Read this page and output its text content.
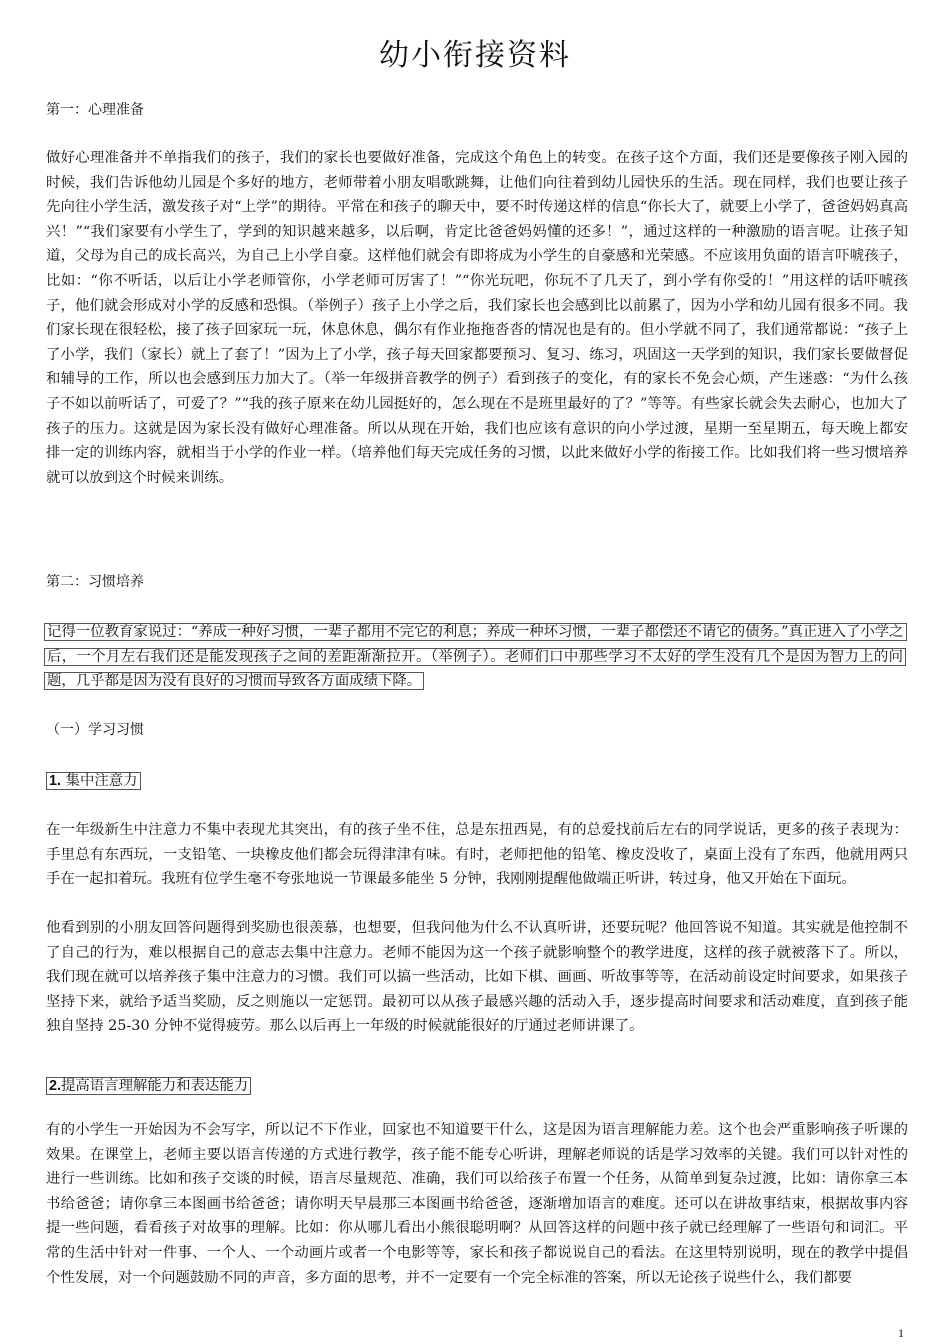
幼小衔接资料
第一：心理准备
做好心理准备并不单指我们的孩子，我们的家长也要做好准备，完成这个角色上的转变。在孩子这个方面，我们还是要像孩子刚入园的时候，我们告诉他幼儿园是个多好的地方，老师带着小朋友唱歌跳舞，让他们向往着到幼儿园快乐的生活。现在同样，我们也要让孩子先向往小学生活，激发孩子对“上学”的期待。平常在和孩子的聊天中，要不时传递这样的信息“你长大了，就要上小学了，爸爸妈妈真高兴！”“我们家要有小学生了，学到的知识越来越多，以后啊，肯定比爸爸妈妈懂的还多！”，通过这样的一种激励的语言呢。让孩子知道，父母为自己的成长高兴，为自己上小学自豪。这样他们就会有即将成为小学生的自豪感和光荣感。不应该用负面的语言吓唬孩子，比如：“你不听话，以后让小学老师管你，小学老师可厉害了！”“你光玩吧，你玩不了几天了，到小学有你受的！”用这样的话吓唬孩子，他们就会形成对小学的反感和恐惧。（举例子）孩子上小学之后，我们家长也会感到比以前累了，因为小学和幼儿园有很多不同。我们家长现在很轻松，接了孩子回家玩一玩，休息休息，偶尔有作业拖拖沓沓的情况也是有的。但小学就不同了，我们通常都说：“孩子上了小学，我们（家长）就上了套了！”因为上了小学，孩子每天回家都要预习、复习、练习，巩固这一天学到的知识，我们家长要做督促和辅导的工作，所以也会感到压力加大了。（举一年级拼音教学的例子）看到孩子的变化，有的家长不免会心烦，产生迷惑：“为什么孩子不如以前听话了，可爱了？”“我的孩子原来在幼儿园挺好的，怎么现在不是班里最好的了？”等等。有些家长就会失去耐心，也加大了孩子的压力。这就是因为家长没有做好心理准备。所以从现在开始，我们也应该有意识的向小学过渡，星期一至星期五，每天晚上都安排一定的训练内容，就相当于小学的作业一样。（培养他们每天完成任务的习惯，以此来做好小学的衔接工作。比如我们将一些习惯培养就可以放到这个时候来训练。
第二：习惯培养
记得一位教育家说过：“养成一种好习惯，一辈子都用不完它的利息；养成一种坏习惯，一辈子都偿还不请它的债务。”真正进入了小学之后，一个月左右我们还是能发现孩子之间的差距渐渐拉开。（举例子）。老师们口中那些学习不太好的学生没有几个是因为智力上的问题，几乎都是因为没有良好的习惯而导致各方面成绩下降。
（一）学习习惯
1. 集中注意力
在一年级新生中注意力不集中表现尤其突出，有的孩子坐不住，总是东扭西晃，有的总爱找前后左右的同学说话，更多的孩子表现为：手里总有东西玩，一支铅笔、一块橡皮他们都会玩得津津有味。有时，老师把他的铅笔、橡皮没收了，桌面上没有了东西，他就用两只手在一起扣着玩。我班有位学生毫不夸张地说一节课最多能坐 5 分钟，我刚刚提醒他做端正听讲，转过身，他又开始在下面玩。
他看到别的小朋友回答问题得到奖励也很羡慕，也想要，但我问他为什么不认真听讲，还要玩呢？他回答说不知道。其实就是他控制不了自己的行为，难以根据自己的意志去集中注意力。老师不能因为这一个孩子就影响整个的教学进度，这样的孩子就被落下了。所以，我们现在就可以培养孩子集中注意力的习惯。我们可以搞一些活动，比如下棋、画画、听故事等等，在活动前设定时间要求，如果孩子坚持下来，就给予适当奖励，反之则施以一定惩罚。最初可以从孩子最感兴趣的活动入手，逐步提高时间要求和活动难度，直到孩子能独自坚持 25-30 分钟不觉得疲劳。那么以后再上一年级的时候就能很好的厅通过老师讲课了。
2.提高语言理解能力和表达能力
有的小学生一开始因为不会写字，所以记不下作业，回家也不知道要干什么，这是因为语言理解能力差。这个也会严重影响孩子听课的效果。在课堂上，老师主要以语言传递的方式进行教学，孩子能不能专心听讲，理解老师说的话是学习效率的关键。我们可以针对性的进行一些训练。比如和孩子交谈的时候，语言尽量规范、准确，我们可以给孩子布置一个任务，从简单到复杂过渡，比如：请你拿三本书给爸爸；请你拿三本图画书给爸爸；请你明天早晨那三本图画书给爸爸，逐渐增加语言的难度。还可以在讲故事结束，根据故事内容提一些问题，看看孩子对故事的理解。比如：你从哪儿看出小熊很聪明啊？从回答这样的问题中孩子就已经理解了一些语句和词汇。平常的生活中针对一件事、一个人、一个动画片或者一个电影等等，家长和孩子都说说自己的看法。在这里特别说明，现在的教学中提倡个性发展，对一个问题鼓励不同的声音，多方面的思考，并不一定要有一个完全标准的答案，所以无论孩子说些什么，我们都要
1
